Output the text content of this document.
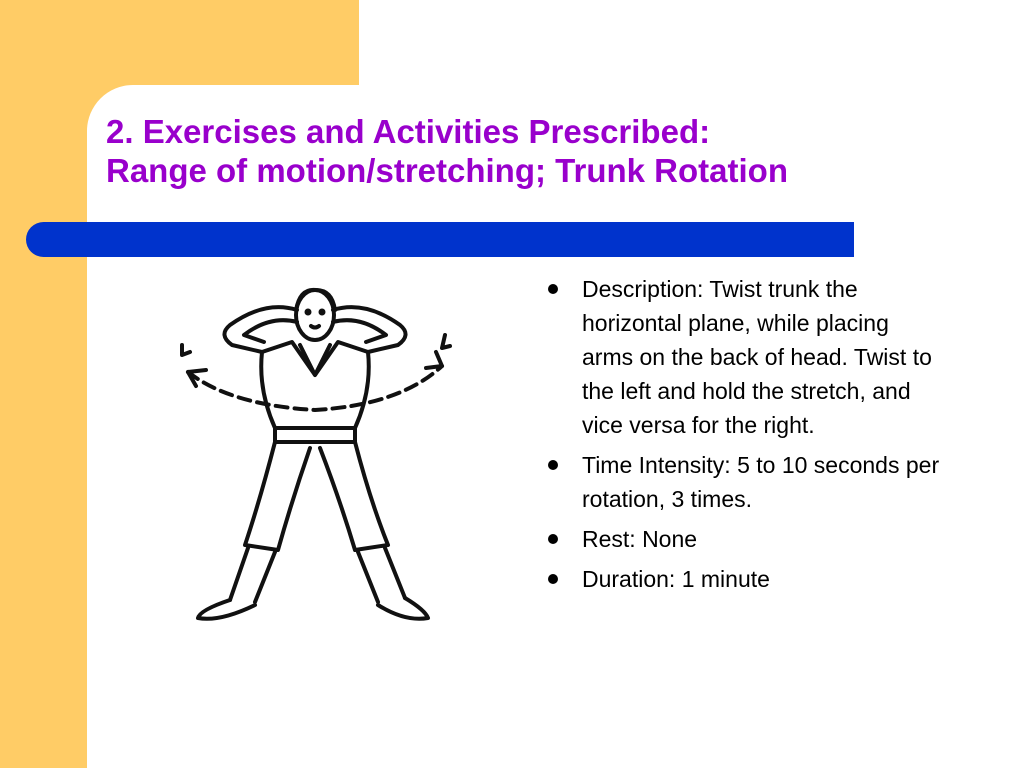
2. Exercises and Activities Prescribed:
Range of motion/stretching; Trunk Rotation
Description: Twist trunk the horizontal plane, while placing arms on the back of head. Twist to the left and hold the stretch, and vice versa for the right.
Time Intensity: 5 to 10 seconds per rotation, 3 times.
Rest: None
Duration: 1 minute
